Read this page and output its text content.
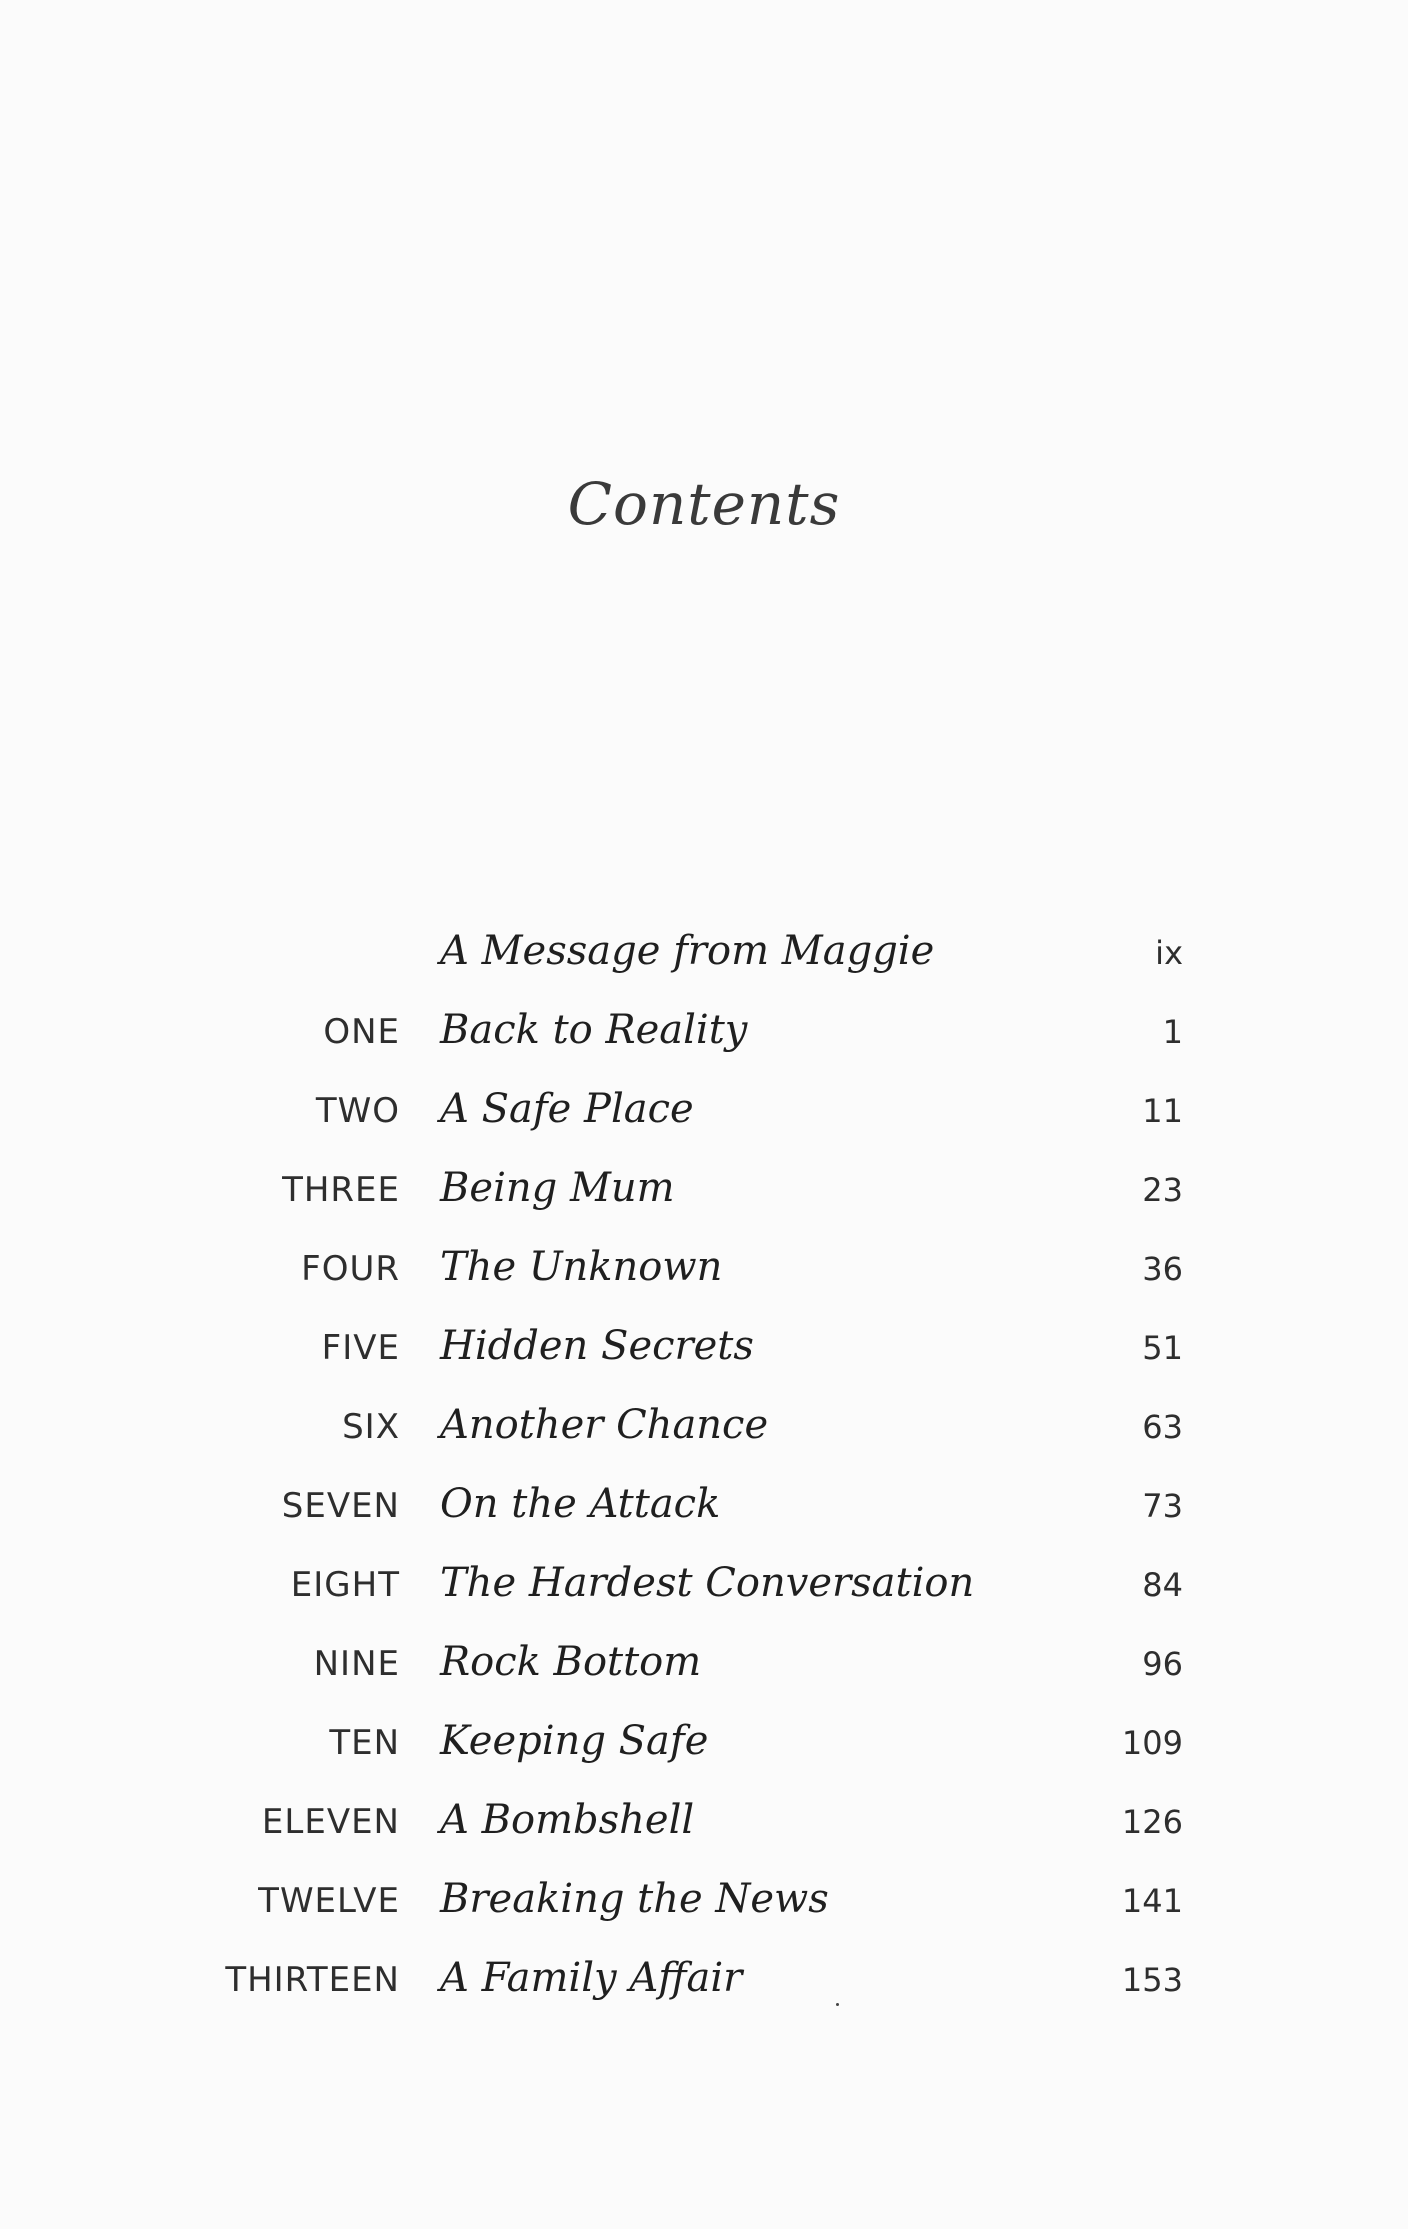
Contents
A Message from Maggie	ix
ONE Back to Reality	1
TWO A Safe Place	11
THREE Being Mum	23
FOUR The Unknown	36
FIVE Hidden Secrets	51
SIX Another Chance	63
SEVEN On the Attack	73
EIGHT The Hardest Conversation	84
NINE Rock Bottom	96
TEN Keeping Safe	109
ELEVEN A Bombshell	126
TWELVE Breaking the News	141
THIRTEEN A Family Affair	153
